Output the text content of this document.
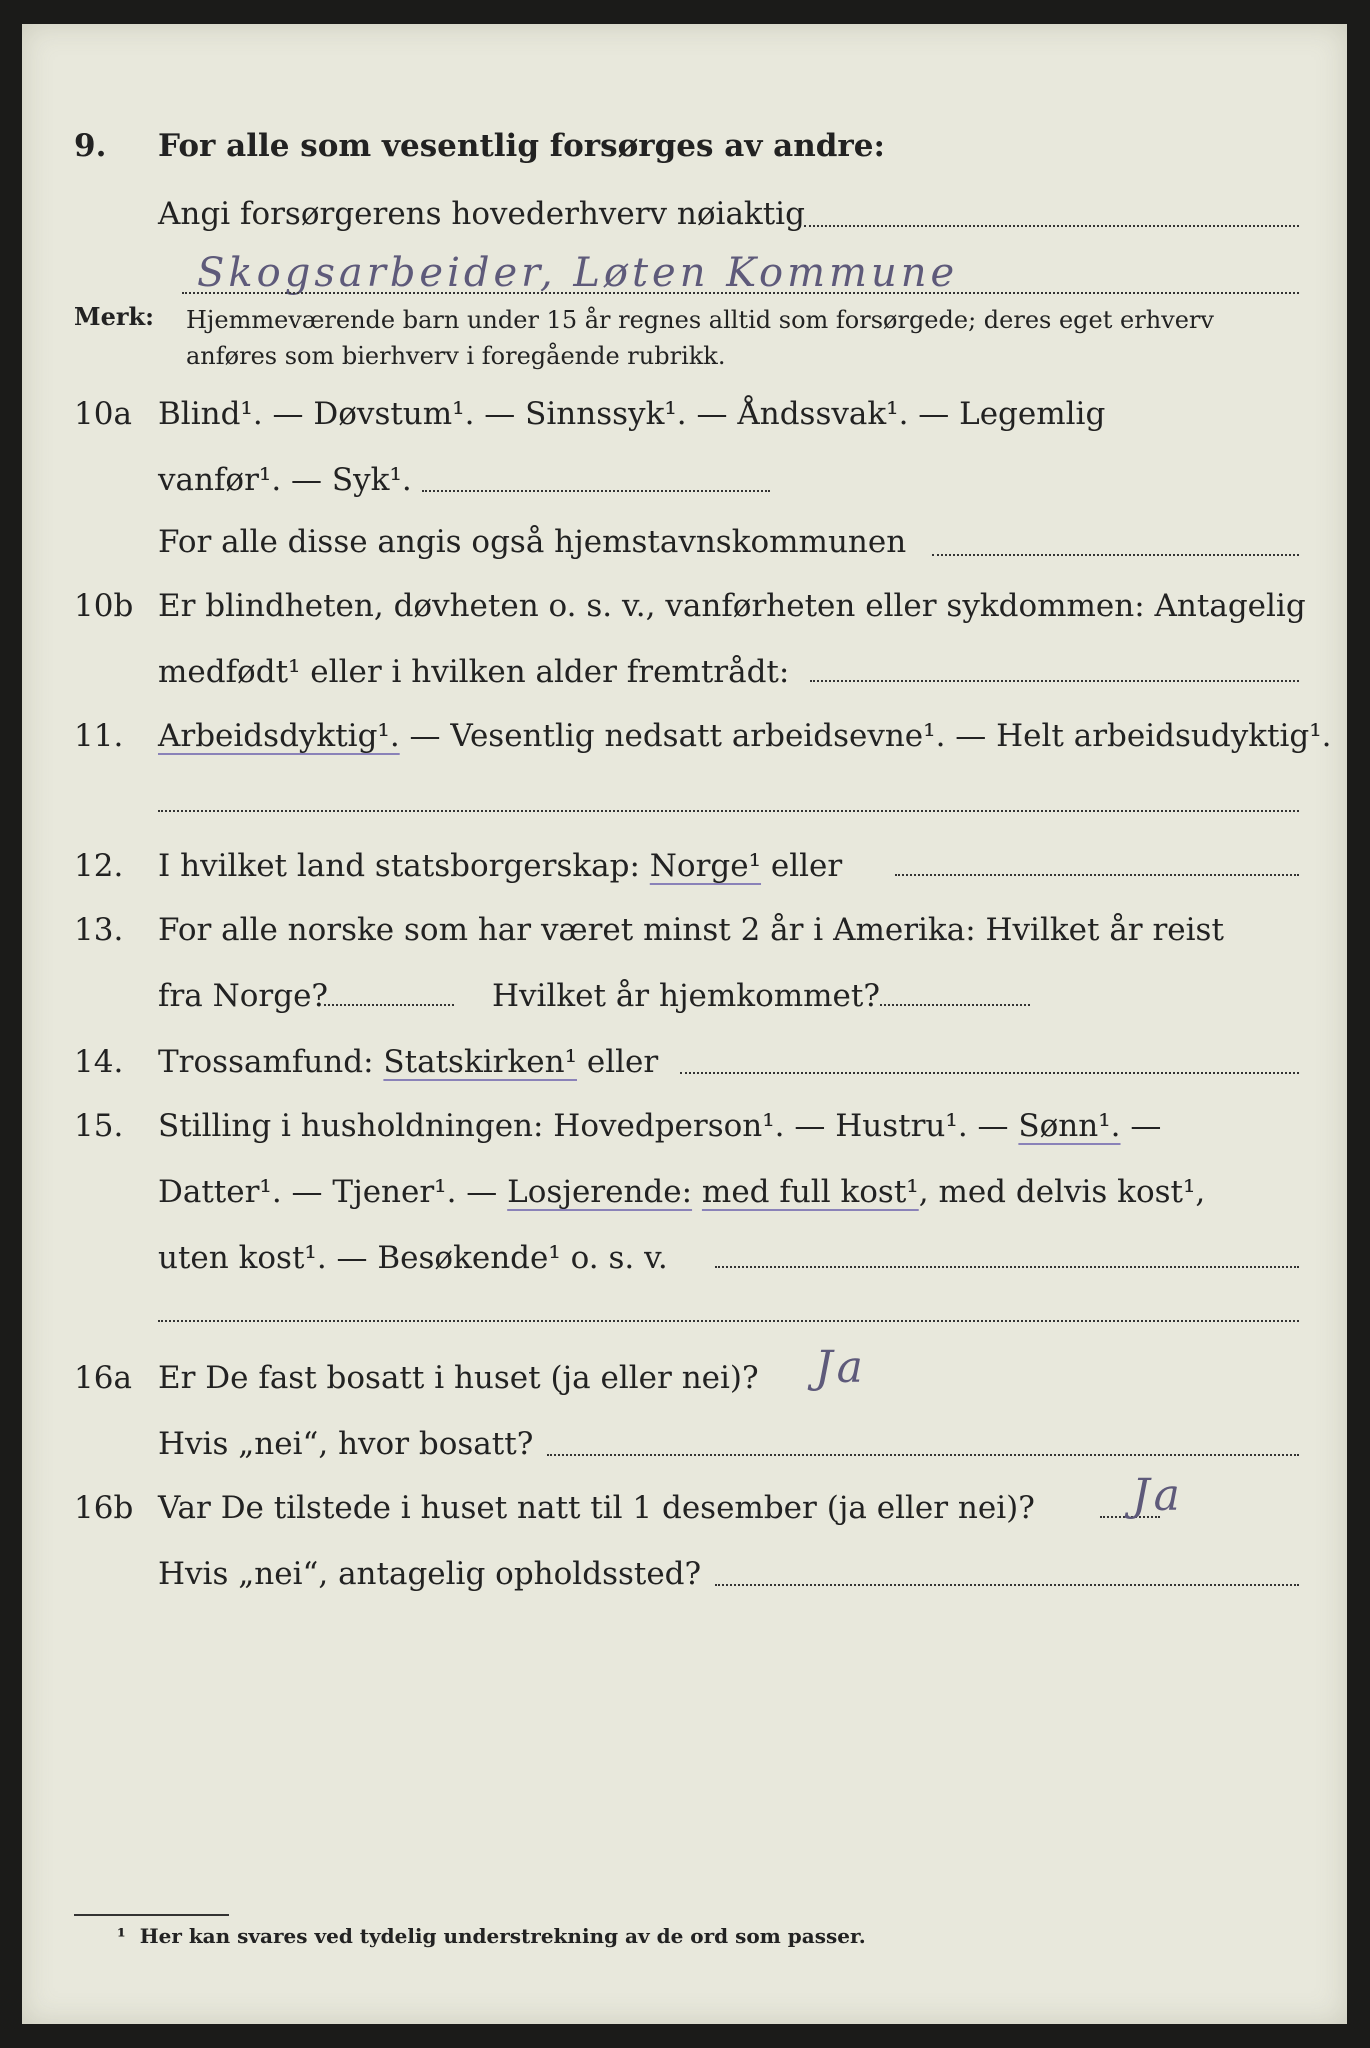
9. For alle som vesentlig forsørges av andre:
Angi forsørgerens hovederhverv nøiaktig
Skogsarbeider, Løten Kommune
Merk: Hjemmeværende barn under 15 år regnes alltid som forsørgede; deres eget erhverv
anføres som bierhverv i foregående rubrikk.
10a Blind¹. — Døvstum¹. — Sinnssyk¹. — Åndssvak¹. — Legemlig
vanfør¹. — Syk¹.
For alle disse angis også hjemstavnskommunen
10b Er blindheten, døvheten o. s. v., vanførheten eller sykdommen: Antagelig
medfødt¹ eller i hvilken alder fremtrådt:
11. Arbeidsdyktig¹. — Vesentlig nedsatt arbeidsevne¹. — Helt arbeidsudyktig¹.
12. I hvilket land statsborgerskap: Norge¹ eller
13. For alle norske som har været minst 2 år i Amerika: Hvilket år reist
fra Norge?	Hvilket år hjemkommet?
14. Trossamfund: Statskirken¹ eller
15. Stilling i husholdningen: Hovedperson¹. — Hustru¹. — Sønn¹. —
Datter¹. — Tjener¹. — Losjerende: med full kost¹, med delvis kost¹,
uten kost¹. — Besøkende¹ o. s. v.
16a Er De fast bosatt i huset (ja eller nei)? Ja
Hvis „nei“, hvor bosatt?
16b Var De tilstede i huset natt til 1 desember (ja eller nei)? Ja
Hvis „nei“, antagelig opholdssted?
¹ Her kan svares ved tydelig understrekning av de ord som passer.
